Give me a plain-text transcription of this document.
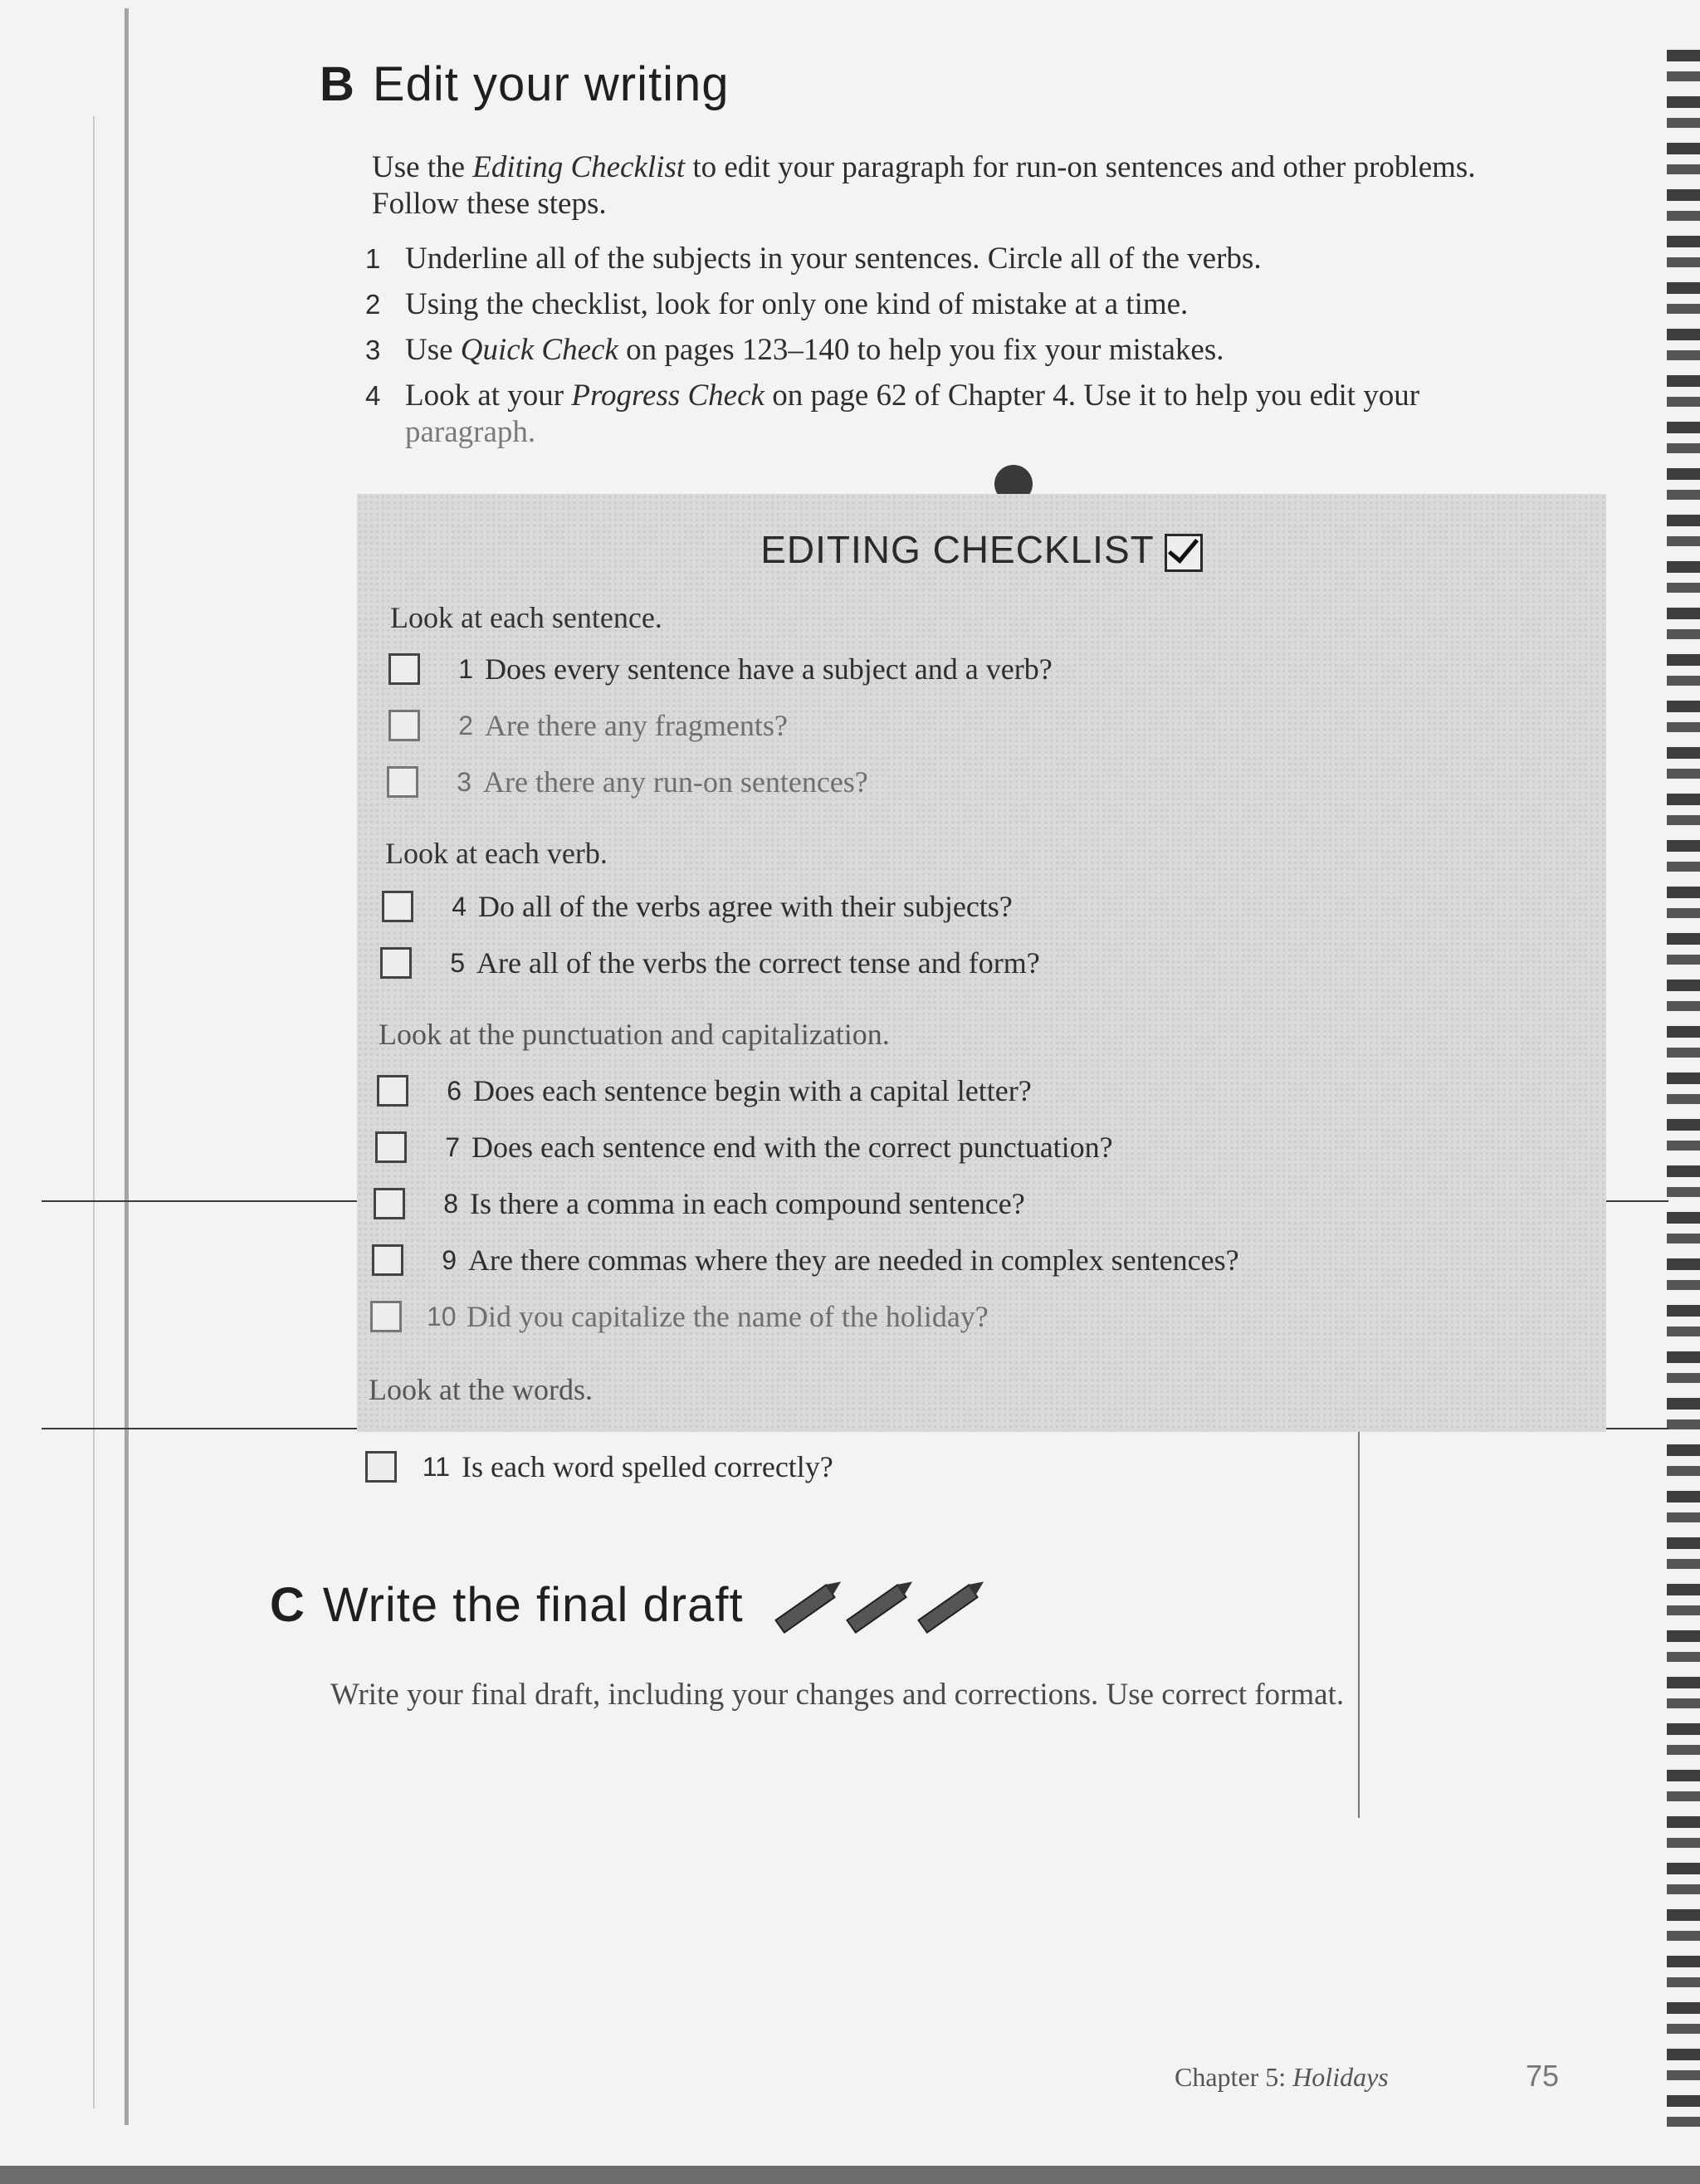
B Edit your writing
Use the Editing Checklist to edit your paragraph for run-on sentences and other problems. Follow these steps.
1 Underline all of the subjects in your sentences. Circle all of the verbs.
2 Using the checklist, look for only one kind of mistake at a time.
3 Use Quick Check on pages 123–140 to help you fix your mistakes.
4 Look at your Progress Check on page 62 of Chapter 4. Use it to help you edit your
paragraph.
EDITING CHECKLIST
Look at each sentence.
1 Does every sentence have a subject and a verb?
2 Are there any fragments?
3 Are there any run-on sentences?
Look at each verb.
4 Do all of the verbs agree with their subjects?
5 Are all of the verbs the correct tense and form?
Look at the punctuation and capitalization.
6 Does each sentence begin with a capital letter?
7 Does each sentence end with the correct punctuation?
8 Is there a comma in each compound sentence?
9 Are there commas where they are needed in complex sentences?
10 Did you capitalize the name of the holiday?
Look at the words.
11 Is each word spelled correctly?
C Write the final draft
Write your final draft, including your changes and corrections. Use correct format.
Chapter 5: Holidays	75
